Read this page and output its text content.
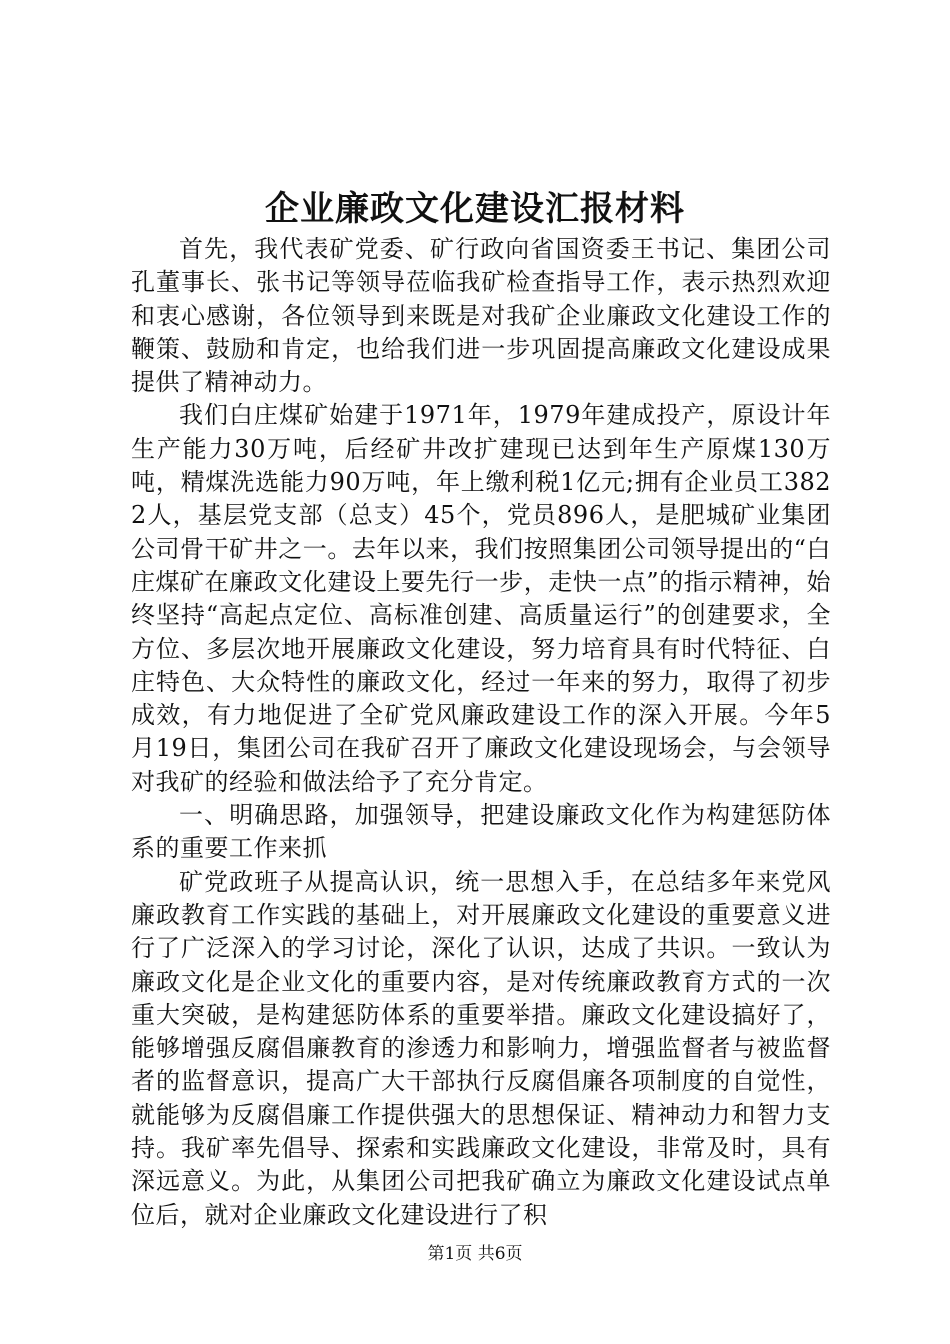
企业廉政文化建设汇报材料

首先，我代表矿党委、矿行政向省国资委王书记、集团公司孔董事长、张书记等领导莅临我矿检查指导工作，表示热烈欢迎和衷心感谢，各位领导到来既是对我矿企业廉政文化建设工作的鞭策、鼓励和肯定，也给我们进一步巩固提高廉政文化建设成果提供了精神动力。

我们白庄煤矿始建于1971年，1979年建成投产，原设计年生产能力30万吨，后经矿井改扩建现已达到年生产原煤130万吨，精煤洗选能力90万吨，年上缴利税1亿元;拥有企业员工3822人，基层党支部（总支）45个，党员896人，是肥城矿业集团公司骨干矿井之一。去年以来，我们按照集团公司领导提出的“白庄煤矿在廉政文化建设上要先行一步，走快一点”的指示精神，始终坚持“高起点定位、高标准创建、高质量运行”的创建要求，全方位、多层次地开展廉政文化建设，努力培育具有时代特征、白庄特色、大众特性的廉政文化，经过一年来的努力，取得了初步成效，有力地促进了全矿党风廉政建设工作的深入开展。今年5月19日，集团公司在我矿召开了廉政文化建设现场会，与会领导对我矿的经验和做法给予了充分肯定。

一、明确思路，加强领导，把建设廉政文化作为构建惩防体系的重要工作来抓

矿党政班子从提高认识，统一思想入手，在总结多年来党风廉政教育工作实践的基础上，对开展廉政文化建设的重要意义进行了广泛深入的学习讨论，深化了认识，达成了共识。一致认为廉政文化是企业文化的重要内容，是对传统廉政教育方式的一次重大突破，是构建惩防体系的重要举措。廉政文化建设搞好了，能够增强反腐倡廉教育的渗透力和影响力，增强监督者与被监督者的监督意识，提高广大干部执行反腐倡廉各项制度的自觉性，就能够为反腐倡廉工作提供强大的思想保证、精神动力和智力支持。我矿率先倡导、探索和实践廉政文化建设，非常及时，具有深远意义。为此，从集团公司把我矿确立为廉政文化建设试点单位后，就对企业廉政文化建设进行了积

第1页 共6页
